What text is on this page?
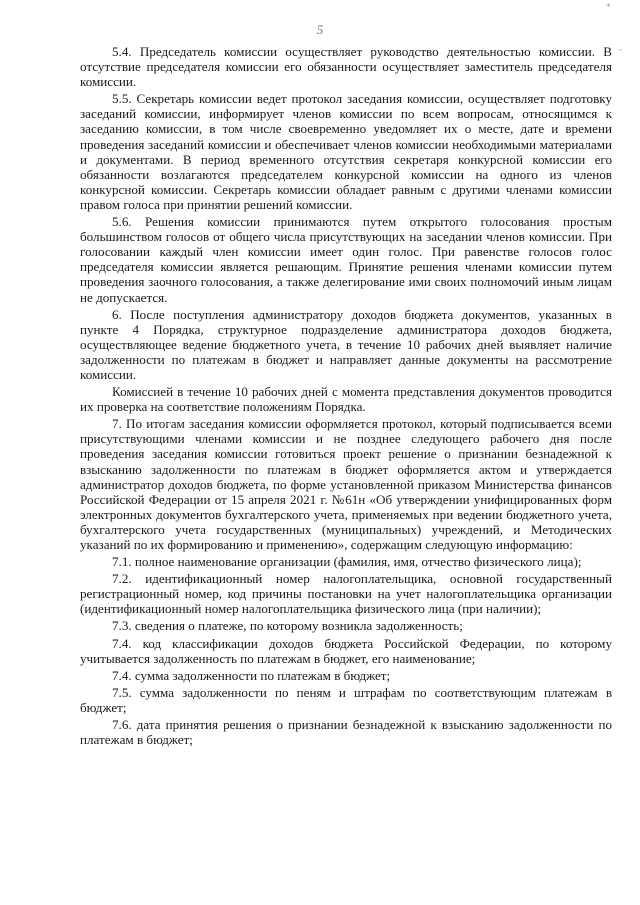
5
*
-

5.4. Председатель комиссии осуществляет руководство деятельностью комиссии. В отсутствие председателя комиссии его обязанности осуществляет заместитель председателя комиссии.

5.5. Секретарь комиссии ведет протокол заседания комиссии, осуществляет подготовку заседаний комиссии, информирует членов комиссии по всем вопросам, относящимся к заседанию комиссии, в том числе своевременно уведомляет их о месте, дате и времени проведения заседаний комиссии и обеспечивает членов комиссии необходимыми материалами и документами. В период временного отсутствия секретаря конкурсной комиссии его обязанности возлагаются председателем конкурсной комиссии на одного из членов конкурсной комиссии. Секретарь комиссии обладает равным с другими членами комиссии правом голоса при принятии решений комиссии.

5.6. Решения комиссии принимаются путем открытого голосования простым большинством голосов от общего числа присутствующих на заседании членов комиссии. При голосовании каждый член комиссии имеет один голос. При равенстве голосов голос председателя комиссии является решающим. Принятие решения членами комиссии путем проведения заочного голосования, а также делегирование ими своих полномочий иным лицам не допускается.

6. После поступления администратору доходов бюджета документов, указанных в пункте 4 Порядка, структурное подразделение администратора доходов бюджета, осуществляющее ведение бюджетного учета, в течение 10 рабочих дней выявляет наличие задолженности по платежам в бюджет и направляет данные документы на рассмотрение комиссии.

Комиссией в течение 10 рабочих дней с момента представления документов проводится их проверка на соответствие положениям Порядка.

7. По итогам заседания комиссии оформляется протокол, который подписывается всеми присутствующими членами комиссии и не позднее следующего рабочего дня после проведения заседания комиссии готовиться проект решение о признании безнадежной к взысканию задолженности по платежам в бюджет оформляется актом и утверждается администратор доходов бюджета, по форме установленной приказом Министерства финансов Российской Федерации от 15 апреля 2021 г. №61н «Об утверждении унифицированных форм электронных документов бухгалтерского учета, применяемых при ведении бюджетного учета, бухгалтерского учета государственных (муниципальных) учреждений, и Методических указаний по их формированию и применению», содержащим следующую информацию:

7.1. полное наименование организации (фамилия, имя, отчество физического лица);

7.2. идентификационный номер налогоплательщика, основной государственный регистрационный номер, код причины постановки на учет налогоплательщика организации (идентификационный номер налогоплательщика физического лица (при наличии);

7.3. сведения о платеже, по которому возникла задолженность;

7.4. код классификации доходов бюджета Российской Федерации, по которому учитывается задолженность по платежам в бюджет, его наименование;

7.4. сумма задолженности по платежам в бюджет;

7.5. сумма задолженности по пеням и штрафам по соответствующим платежам в бюджет;

7.6. дата принятия решения о признании безнадежной к взысканию задолженности по платежам в бюджет;
